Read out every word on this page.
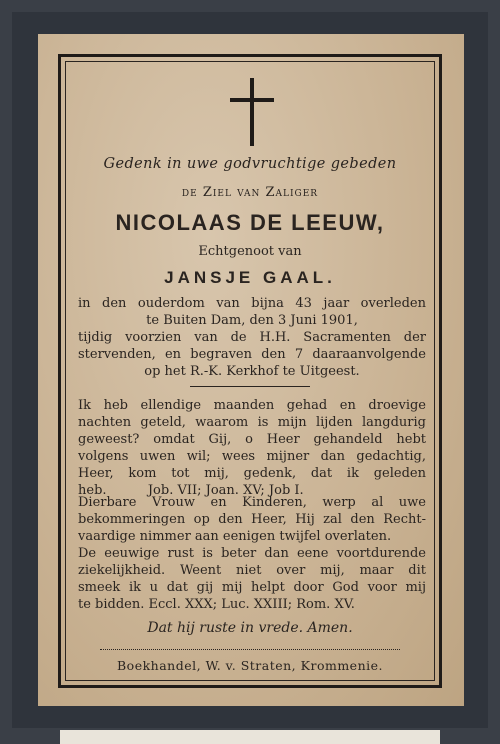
Gedenk in uwe godvruchtige gebeden
de Ziel van Zaliger
NICOLAAS DE LEEUW,
Echtgenoot van
JANSJE GAAL.
in den ouderdom van bijna 43 jaar overleden
te Buiten Dam, den 3 Juni 1901,
tijdig voorzien van de H.H. Sacramenten der
stervenden, en begraven den 7 daaraanvolgende
op het R.-K. Kerkhof te Uitgeest.
Ik heb ellendige maanden gehad en droevige
nachten geteld, waarom is mijn lijden langdurig
geweest? omdat Gij, o Heer gehandeld hebt
volgens uwen wil; wees mijner dan gedachtig,
Heer, kom tot mij, gedenk, dat ik geleden
heb.          Job. VII; Joan. XV; Job I.
Dierbare Vrouw en Kinderen, werp al uwe
bekommeringen op den Heer, Hij zal den Recht-
vaardige nimmer aan eenigen twijfel overlaten.
De eeuwige rust is beter dan eene voortdurende
ziekelijkheid. Weent niet over mij, maar dit
smeek ik u dat gij mij helpt door God voor mij
te bidden. Eccl. XXX; Luc. XXIII; Rom. XV.
Dat hij ruste in vrede. Amen.
Boekhandel, W. v. Straten, Krommenie.
